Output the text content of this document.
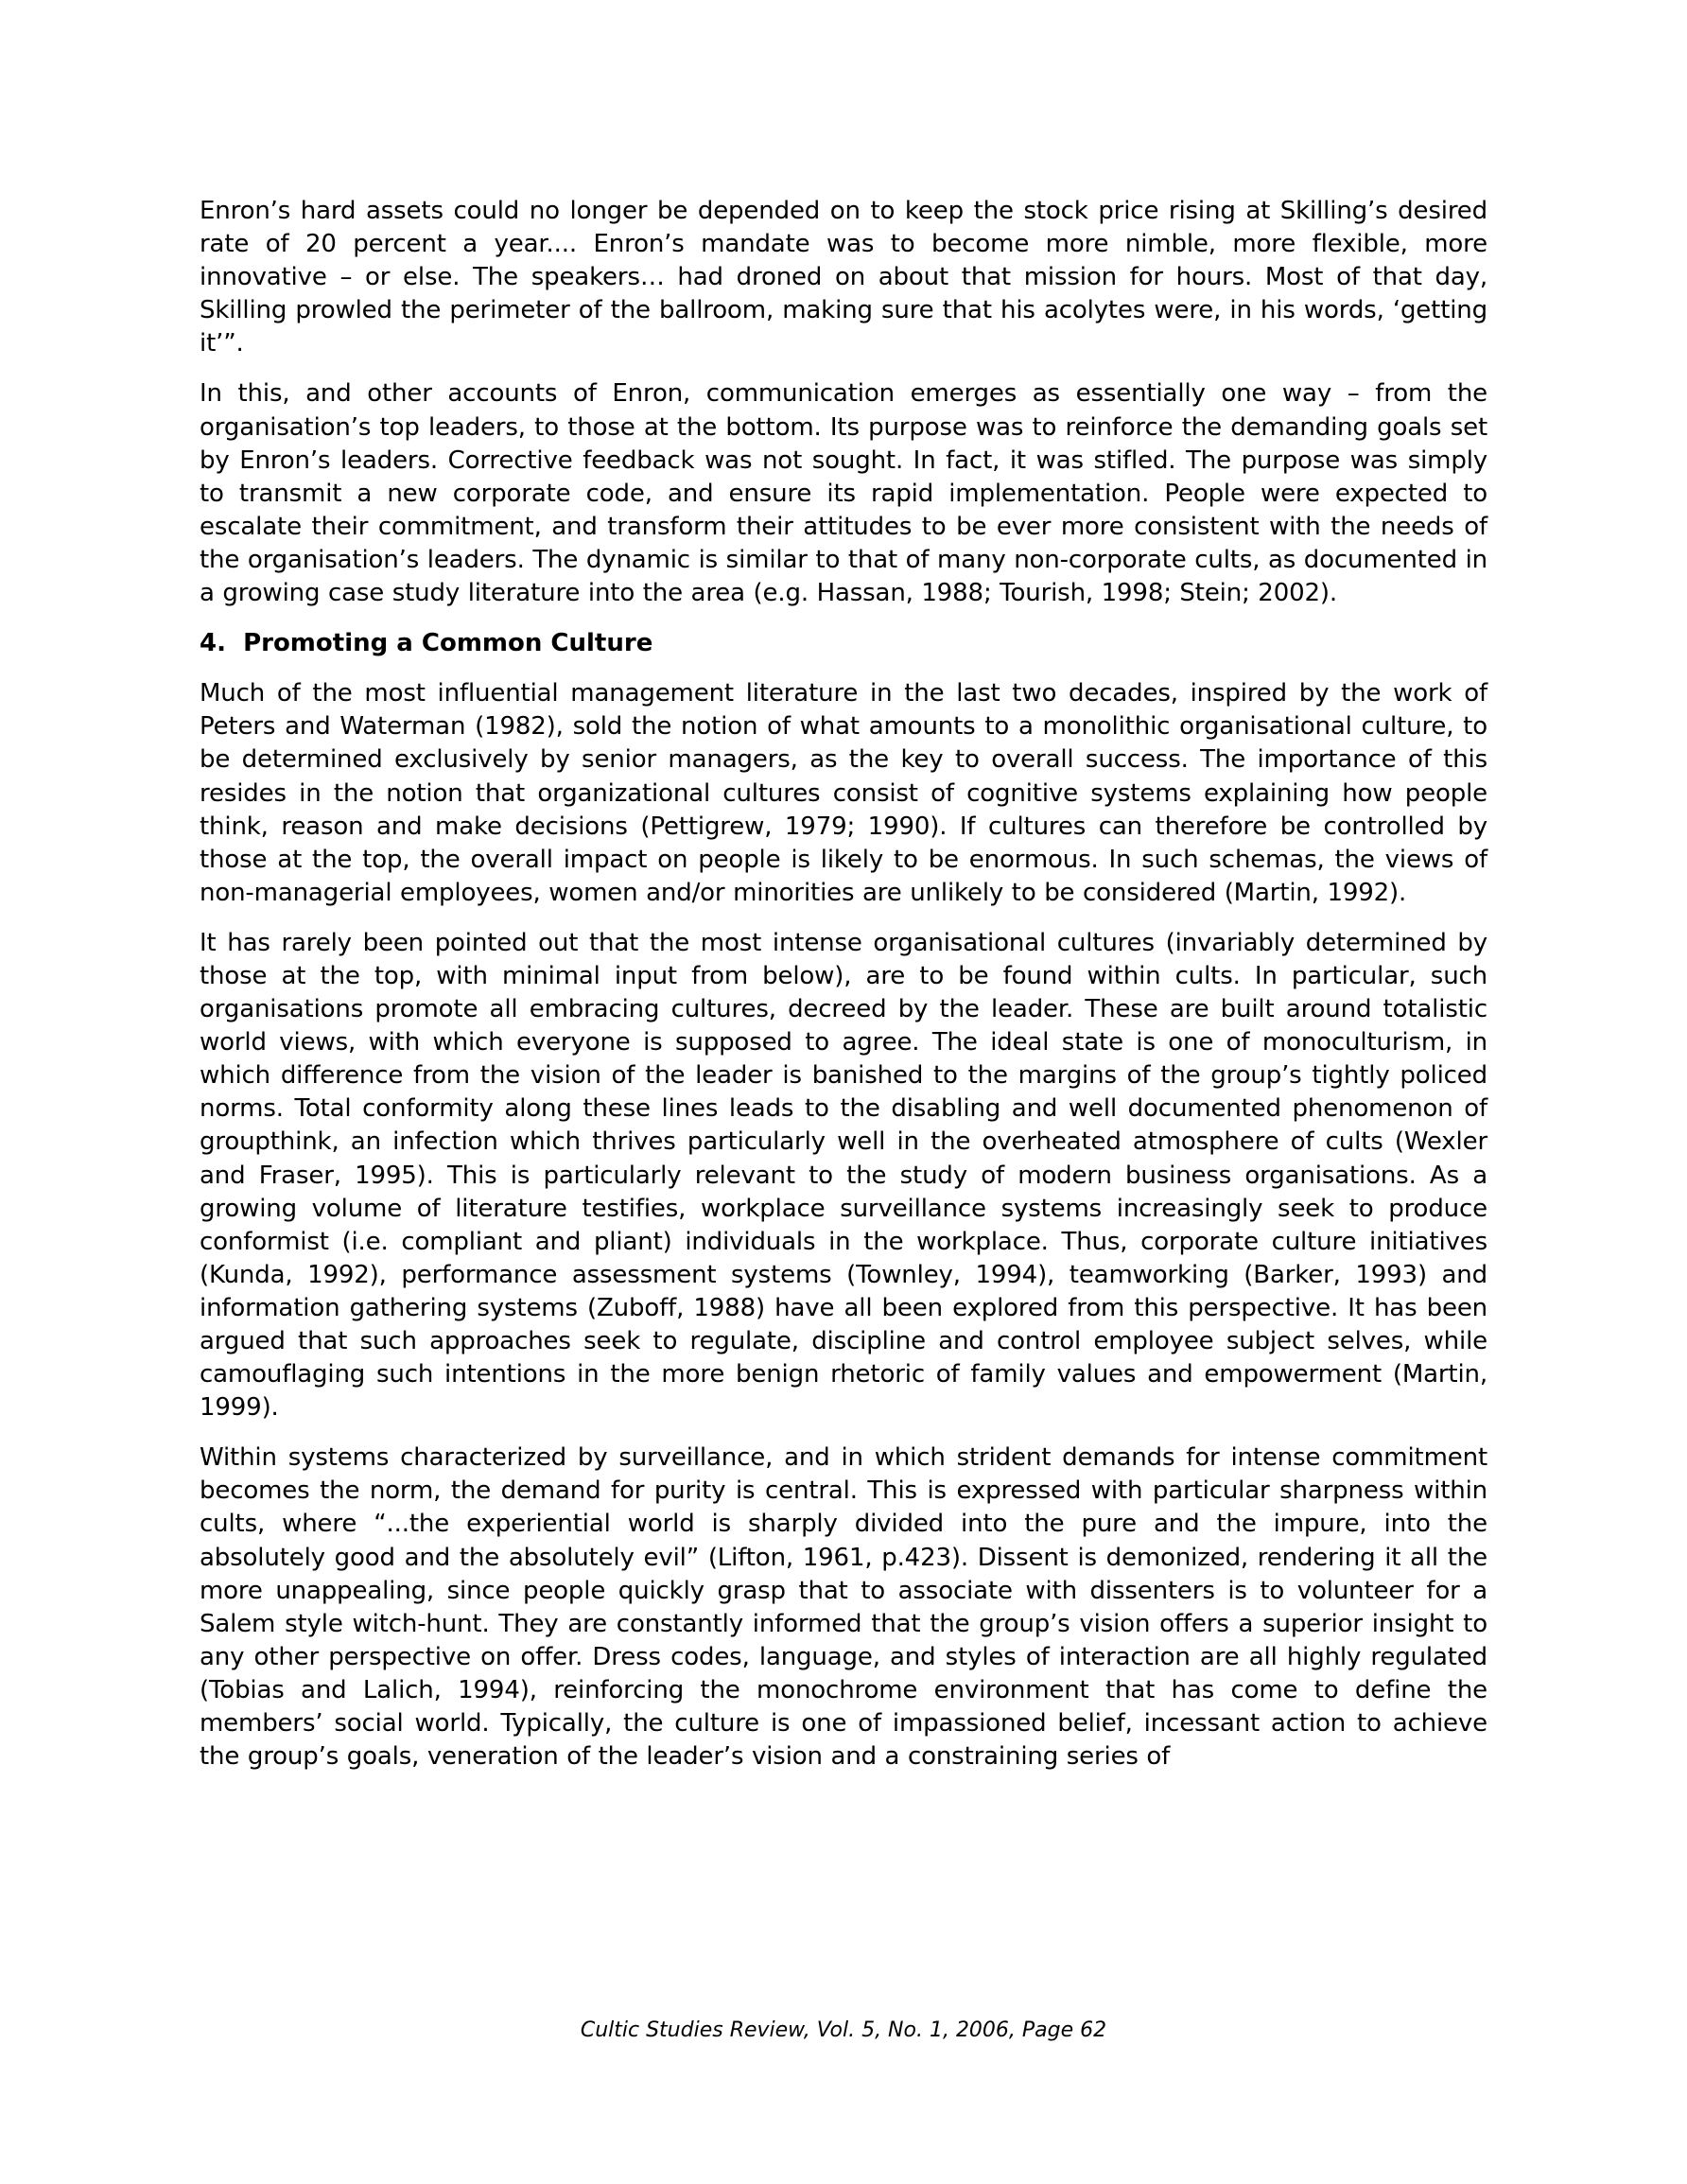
Enron’s hard assets could no longer be depended on to keep the stock price rising at Skilling’s desired rate of 20 percent a year.... Enron’s mandate was to become more nimble, more flexible, more innovative – or else. The speakers… had droned on about that mission for hours. Most of that day, Skilling prowled the perimeter of the ballroom, making sure that his acolytes were, in his words, ‘getting it’”.

In this, and other accounts of Enron, communication emerges as essentially one way – from the organisation’s top leaders, to those at the bottom. Its purpose was to reinforce the demanding goals set by Enron’s leaders. Corrective feedback was not sought. In fact, it was stifled. The purpose was simply to transmit a new corporate code, and ensure its rapid implementation. People were expected to escalate their commitment, and transform their attitudes to be ever more consistent with the needs of the organisation’s leaders. The dynamic is similar to that of many non-corporate cults, as documented in a growing case study literature into the area (e.g. Hassan, 1988; Tourish, 1998; Stein; 2002).

4.  Promoting a Common Culture

Much of the most influential management literature in the last two decades, inspired by the work of Peters and Waterman (1982), sold the notion of what amounts to a monolithic organisational culture, to be determined exclusively by senior managers, as the key to overall success. The importance of this resides in the notion that organizational cultures consist of cognitive systems explaining how people think, reason and make decisions (Pettigrew, 1979; 1990). If cultures can therefore be controlled by those at the top, the overall impact on people is likely to be enormous. In such schemas, the views of non-managerial employees, women and/or minorities are unlikely to be considered (Martin, 1992).

It has rarely been pointed out that the most intense organisational cultures (invariably determined by those at the top, with minimal input from below), are to be found within cults. In particular, such organisations promote all embracing cultures, decreed by the leader. These are built around totalistic world views, with which everyone is supposed to agree. The ideal state is one of monoculturism, in which difference from the vision of the leader is banished to the margins of the group’s tightly policed norms. Total conformity along these lines leads to the disabling and well documented phenomenon of groupthink, an infection which thrives particularly well in the overheated atmosphere of cults (Wexler and Fraser, 1995). This is particularly relevant to the study of modern business organisations. As a growing volume of literature testifies, workplace surveillance systems increasingly seek to produce conformist (i.e. compliant and pliant) individuals in the workplace. Thus, corporate culture initiatives (Kunda, 1992), performance assessment systems (Townley, 1994), teamworking (Barker, 1993) and information gathering systems (Zuboff, 1988) have all been explored from this perspective. It has been argued that such approaches seek to regulate, discipline and control employee subject selves, while camouflaging such intentions in the more benign rhetoric of family values and empowerment (Martin, 1999).

Within systems characterized by surveillance, and in which strident demands for intense commitment becomes the norm, the demand for purity is central. This is expressed with particular sharpness within cults, where “...the experiential world is sharply divided into the pure and the impure, into the absolutely good and the absolutely evil” (Lifton, 1961, p.423). Dissent is demonized, rendering it all the more unappealing, since people quickly grasp that to associate with dissenters is to volunteer for a Salem style witch-hunt. They are constantly informed that the group’s vision offers a superior insight to any other perspective on offer. Dress codes, language, and styles of interaction are all highly regulated (Tobias and Lalich, 1994), reinforcing the monochrome environment that has come to define the members’ social world. Typically, the culture is one of impassioned belief, incessant action to achieve the group’s goals, veneration of the leader’s vision and a constraining series of

Cultic Studies Review, Vol. 5, No. 1, 2006, Page 62
